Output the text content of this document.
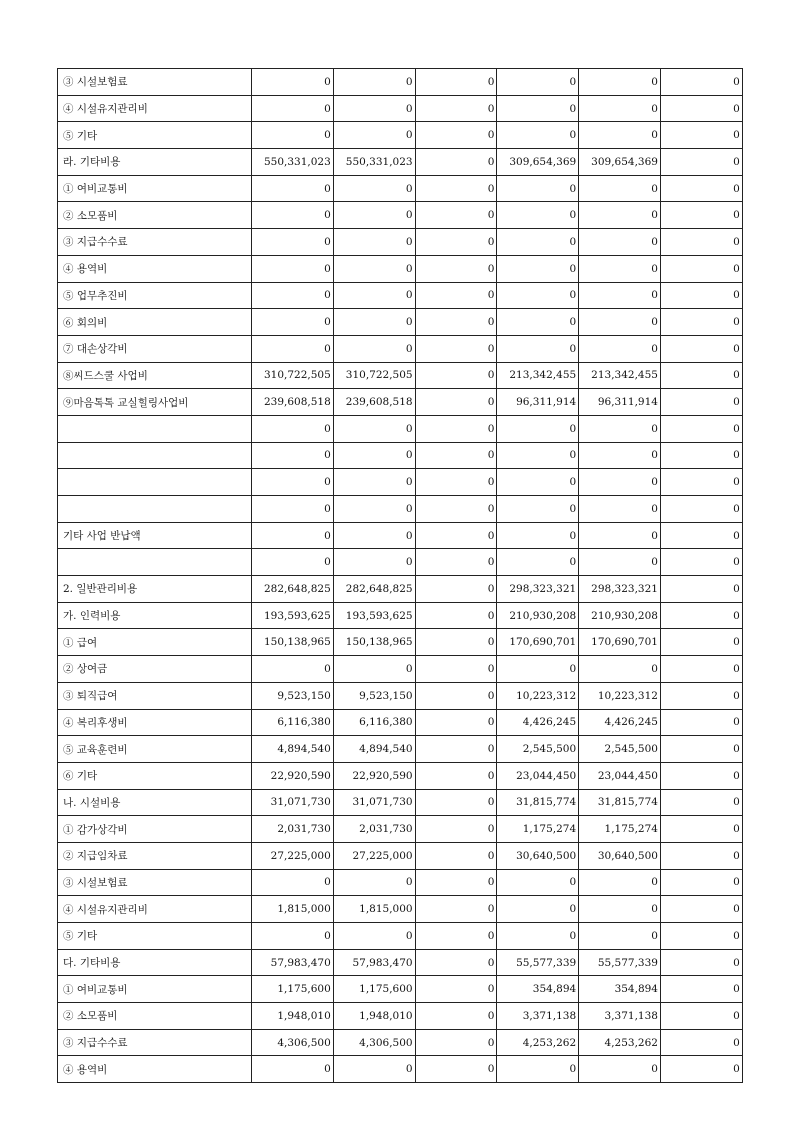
③ 시설보험료	0	0	0	0	0	0
④ 시설유지관리비	0	0	0	0	0	0
⑤ 기타	0	0	0	0	0	0
라. 기타비용	550,331,023	550,331,023	0	309,654,369	309,654,369	0
① 여비교통비	0	0	0	0	0	0
② 소모품비	0	0	0	0	0	0
③ 지급수수료	0	0	0	0	0	0
④ 용역비	0	0	0	0	0	0
⑤ 업무추진비	0	0	0	0	0	0
⑥ 회의비	0	0	0	0	0	0
⑦ 대손상각비	0	0	0	0	0	0
⑧씨드스쿨 사업비	310,722,505	310,722,505	0	213,342,455	213,342,455	0
⑨마음톡톡 교실힐링사업비	239,608,518	239,608,518	0	96,311,914	96,311,914	0
	0	0	0	0	0	0
	0	0	0	0	0	0
	0	0	0	0	0	0
	0	0	0	0	0	0
기타 사업 반납액	0	0	0	0	0	0
	0	0	0	0	0	0
2. 일반관리비용	282,648,825	282,648,825	0	298,323,321	298,323,321	0
가. 인력비용	193,593,625	193,593,625	0	210,930,208	210,930,208	0
① 급여	150,138,965	150,138,965	0	170,690,701	170,690,701	0
② 상여금	0	0	0	0	0	0
③ 퇴직급여	9,523,150	9,523,150	0	10,223,312	10,223,312	0
④ 복리후생비	6,116,380	6,116,380	0	4,426,245	4,426,245	0
⑤ 교육훈련비	4,894,540	4,894,540	0	2,545,500	2,545,500	0
⑥ 기타	22,920,590	22,920,590	0	23,044,450	23,044,450	0
나. 시설비용	31,071,730	31,071,730	0	31,815,774	31,815,774	0
① 감가상각비	2,031,730	2,031,730	0	1,175,274	1,175,274	0
② 지급임차료	27,225,000	27,225,000	0	30,640,500	30,640,500	0
③ 시설보험료	0	0	0	0	0	0
④ 시설유지관리비	1,815,000	1,815,000	0	0	0	0
⑤ 기타	0	0	0	0	0	0
다. 기타비용	57,983,470	57,983,470	0	55,577,339	55,577,339	0
① 여비교통비	1,175,600	1,175,600	0	354,894	354,894	0
② 소모품비	1,948,010	1,948,010	0	3,371,138	3,371,138	0
③ 지급수수료	4,306,500	4,306,500	0	4,253,262	4,253,262	0
④ 용역비	0	0	0	0	0	0
